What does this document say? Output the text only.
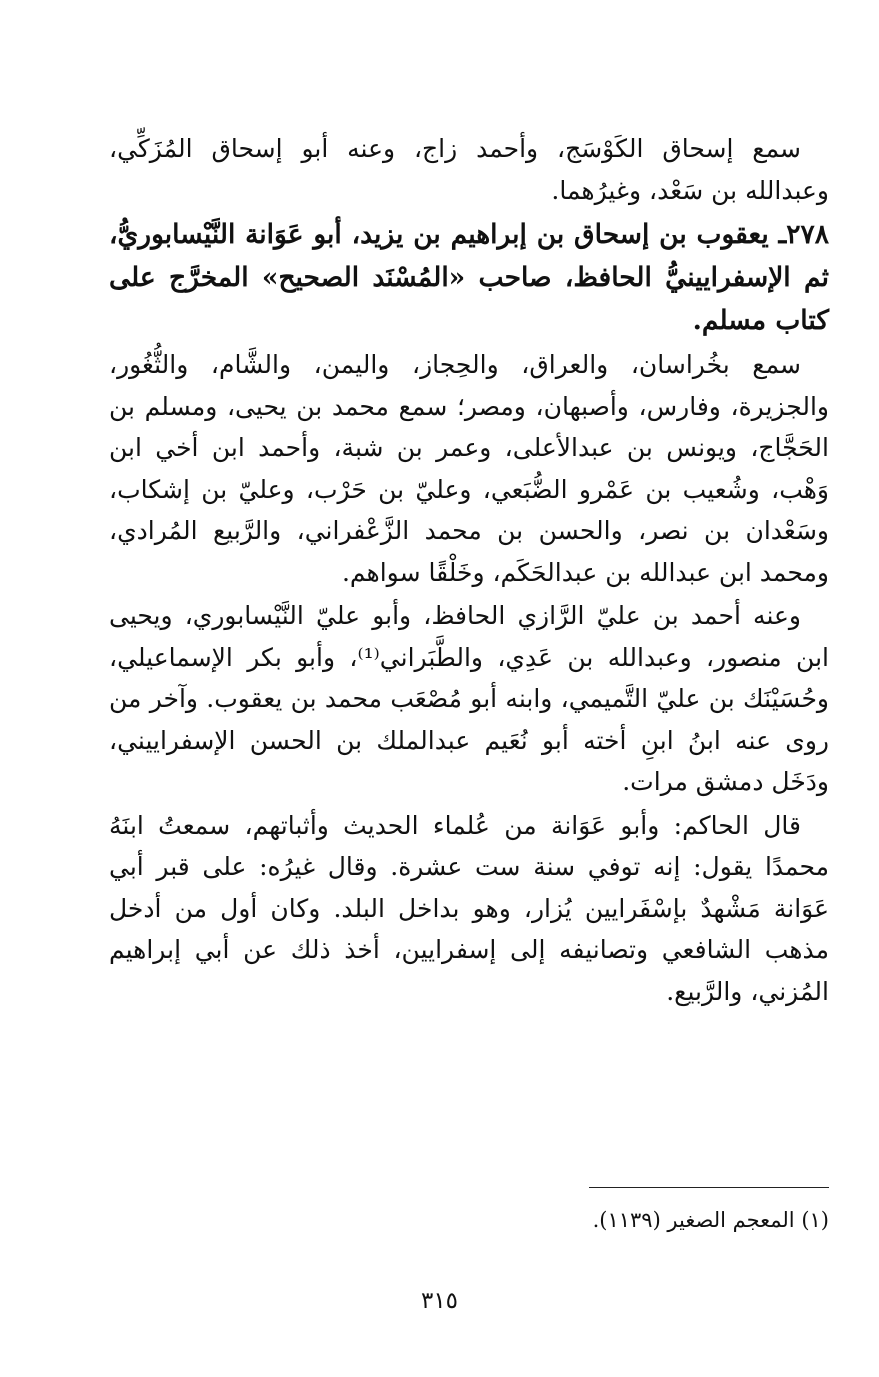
سمع إسحاق الكَوْسَج، وأحمد زاج، وعنه أبو إسحاق المُزَكِّي، وعبدالله بن سَعْد، وغيرُهما.

٢٧٨ـ يعقوب بن إسحاق بن إبراهيم بن يزيد، أبو عَوَانة النَّيْسابوريُّ، ثم الإسفرايينيُّ الحافظ، صاحب «المُسْنَد الصحيح» المخرَّج على كتاب مسلم.

سمع بخُراسان، والعراق، والحِجاز، واليمن، والشَّام، والثُّغُور، والجزيرة، وفارس، وأصبهان، ومصر؛ سمع محمد بن يحيى، ومسلم بن الحَجَّاج، ويونس بن عبدالأعلى، وعمر بن شبة، وأحمد ابن أخي ابن وَهْب، وشُعيب بن عَمْرو الضُّبَعي، وعليّ بن حَرْب، وعليّ بن إشكاب، وسَعْدان بن نصر، والحسن بن محمد الزَّعْفراني، والرَّبيع المُرادي، ومحمد ابن عبدالله بن عبدالحَكَم، وخَلْقًا سواهم.

وعنه أحمد بن عليّ الرَّازي الحافظ، وأبو عليّ النَّيْسابوري، ويحيى ابن منصور، وعبدالله بن عَدِي، والطَّبَراني⁽¹⁾، وأبو بكر الإسماعيلي، وحُسَيْنَك بن عليّ التَّميمي، وابنه أبو مُصْعَب محمد بن يعقوب. وآخر من روى عنه ابنُ ابنِ أخته أبو نُعَيم عبدالملك بن الحسن الإسفراييني، ودَخَل دمشق مرات.

قال الحاكم: وأبو عَوَانة من عُلماء الحديث وأثباتهم، سمعتُ ابنَهُ محمدًا يقول: إنه توفي سنة ست عشرة. وقال غيرُه: على قبر أبي عَوَانة مَشْهدٌ بإسْفَرايين يُزار، وهو بداخل البلد. وكان أول من أدخل مذهب الشافعي وتصانيفه إلى إسفرايين، أخذ ذلك عن أبي إبراهيم المُزني، والرَّبيع.

(١) المعجم الصغير (١١٣٩).
٣١٥
